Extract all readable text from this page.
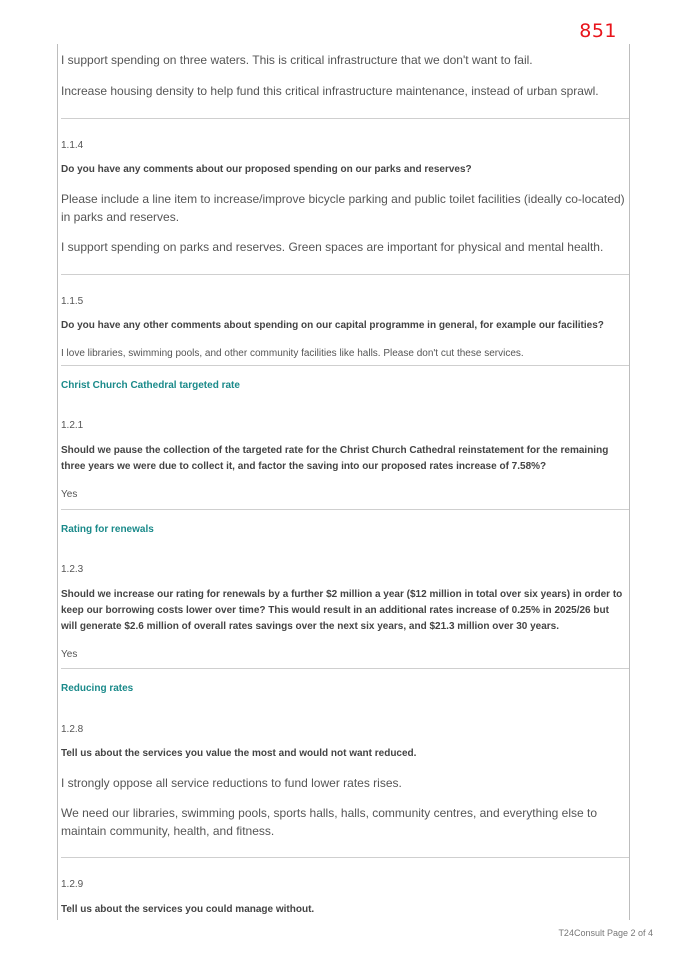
851
I support spending on three waters. This is critical infrastructure that we don't want to fail.
Increase housing density to help fund this critical infrastructure maintenance, instead of urban sprawl.
1.1.4
Do you have any comments about our proposed spending on our parks and reserves?
Please include a line item to increase/improve bicycle parking and public toilet facilities (ideally co-located) in parks and reserves.
I support spending on parks and reserves. Green spaces are important for physical and mental health.
1.1.5
Do you have any other comments about spending on our capital programme in general, for example our facilities?
I love libraries, swimming pools, and other community facilities like halls. Please don't cut these services.
Christ Church Cathedral targeted rate
1.2.1
Should we pause the collection of the targeted rate for the Christ Church Cathedral reinstatement for the remaining three years we were due to collect it, and factor the saving into our proposed rates increase of 7.58%?
Yes
Rating for renewals
1.2.3
Should we increase our rating for renewals by a further $2 million a year ($12 million in total over six years) in order to keep our borrowing costs lower over time? This would result in an additional rates increase of 0.25% in 2025/26 but will generate $2.6 million of overall rates savings over the next six years, and $21.3 million over 30 years.
Yes
Reducing rates
1.2.8
Tell us about the services you value the most and would not want reduced.
I strongly oppose all service reductions to fund lower rates rises.
We need our libraries, swimming pools, sports halls, halls, community centres, and everything else to maintain community, health, and fitness.
1.2.9
Tell us about the services you could manage without.
T24Consult Page 2 of 4
